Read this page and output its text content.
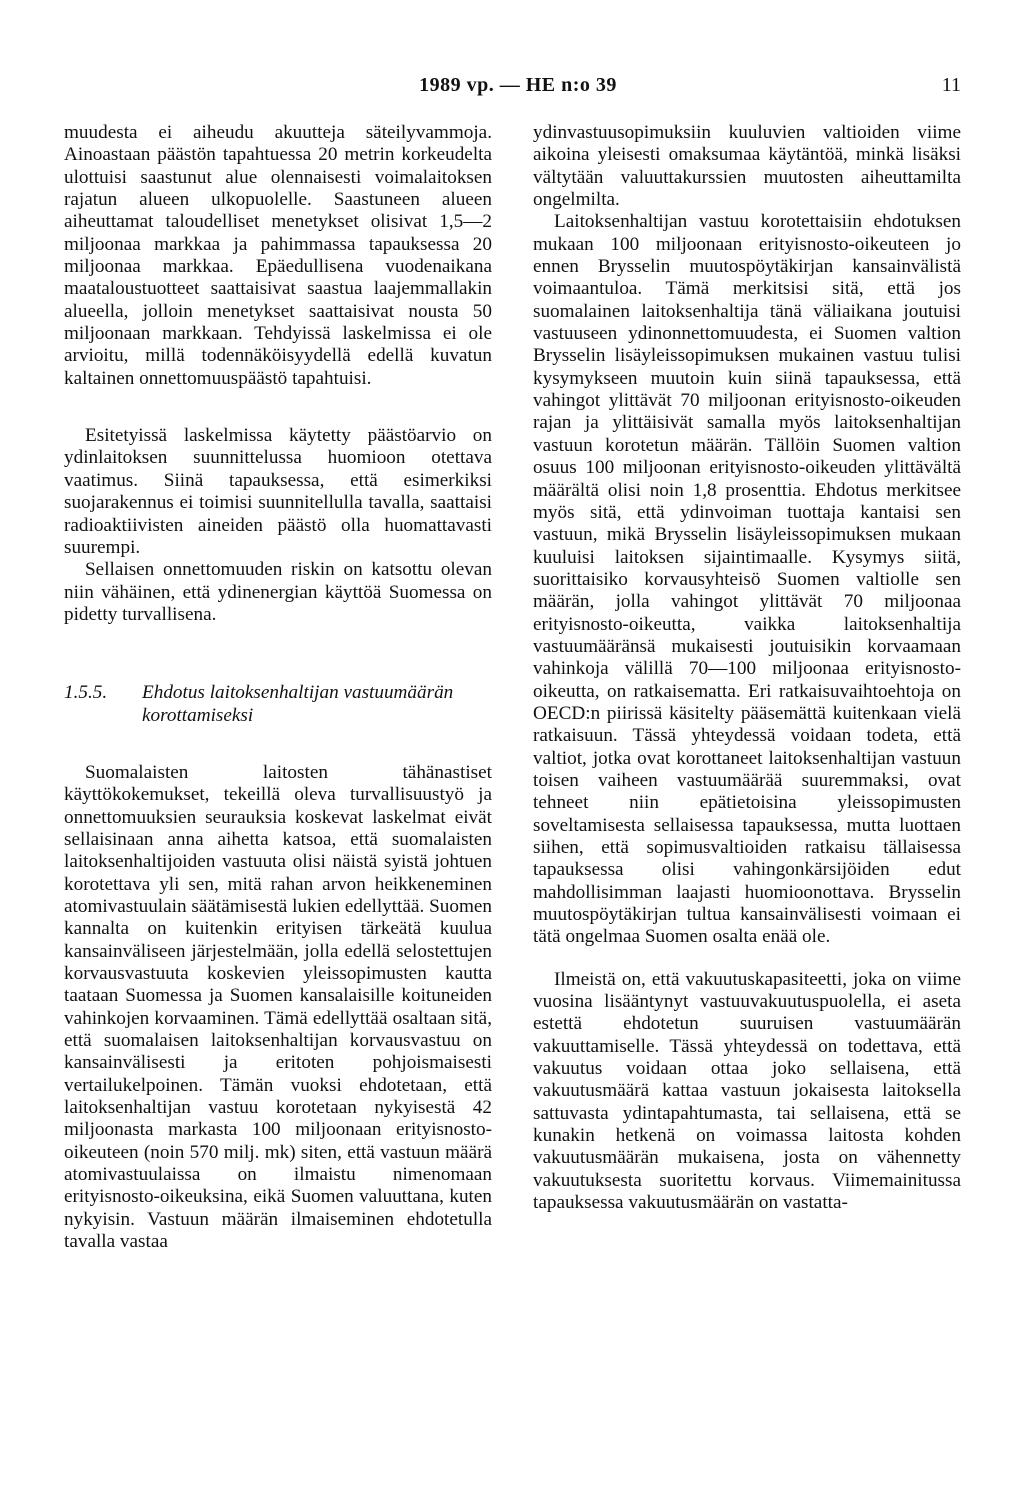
1989 vp. — HE n:o 39	11

muudesta ei aiheudu akuutteja säteilyvammoja. Ainoastaan päästön tapahtuessa 20 metrin korkeudelta ulottuisi saastunut alue olennaisesti voimalaitoksen rajatun alueen ulkopuolelle. Saastuneen alueen aiheuttamat taloudelliset menetykset olisivat 1,5—2 miljoonaa markkaa ja pahimmassa tapauksessa 20 miljoonaa markkaa. Epäedullisena vuodenaikana maataloustuotteet saattaisivat saastua laajemmallakin alueella, jolloin menetykset saattaisivat nousta 50 miljoonaan markkaan. Tehdyissä laskelmissa ei ole arvioitu, millä todennäköisyydellä edellä kuvatun kaltainen onnettomuuspäästö tapahtuisi.

Esitetyissä laskelmissa käytetty päästöarvio on ydinlaitoksen suunnittelussa huomioon otettava vaatimus. Siinä tapauksessa, että esimerkiksi suojarakennus ei toimisi suunnitellulla tavalla, saattaisi radioaktiivisten aineiden päästö olla huomattavasti suurempi.

Sellaisen onnettomuuden riskin on katsottu olevan niin vähäinen, että ydinenergian käyttöä Suomessa on pidetty turvallisena.

1.5.5. Ehdotus laitoksenhaltijan vastuumäärän korottamiseksi

Suomalaisten laitosten tähänastiset käyttökokemukset, tekeillä oleva turvallisuustyö ja onnettomuuksien seurauksia koskevat laskelmat eivät sellaisinaan anna aihetta katsoa, että suomalaisten laitoksenhaltijoiden vastuuta olisi näistä syistä johtuen korotettava yli sen, mitä rahan arvon heikkeneminen atomivastuulain säätämisestä lukien edellyttää. Suomen kannalta on kuitenkin erityisen tärkeätä kuulua kansainväliseen järjestelmään, jolla edellä selostettujen korvausvastuuta koskevien yleissopimusten kautta taataan Suomessa ja Suomen kansalaisille koituneiden vahinkojen korvaaminen. Tämä edellyttää osaltaan sitä, että suomalaisen laitoksenhaltijan korvausvastuu on kansainvälisesti ja eritoten pohjoismaisesti vertailukelpoinen. Tämän vuoksi ehdotetaan, että laitoksenhaltijan vastuu korotetaan nykyisestä 42 miljoonasta markasta 100 miljoonaan erityisnosto-oikeuteen (noin 570 milj. mk) siten, että vastuun määrä atomivastuulaissa on ilmaistu nimenomaan erityisnosto-oikeuksina, eikä Suomen valuuttana, kuten nykyisin. Vastuun määrän ilmaiseminen ehdotetulla tavalla vastaa

ydinvastuusopimuksiin kuuluvien valtioiden viime aikoina yleisesti omaksumaa käytäntöä, minkä lisäksi vältytään valuuttakurssien muutosten aiheuttamilta ongelmilta.

Laitoksenhaltijan vastuu korotettaisiin ehdotuksen mukaan 100 miljoonaan erityisnosto-oikeuteen jo ennen Brysselin muutospöytäkirjan kansainvälistä voimaantuloa. Tämä merkitsisi sitä, että jos suomalainen laitoksenhaltija tänä väliaikana joutuisi vastuuseen ydinonnettomuudesta, ei Suomen valtion Brysselin lisäyleissopimuksen mukainen vastuu tulisi kysymykseen muutoin kuin siinä tapauksessa, että vahingot ylittävät 70 miljoonan erityisnosto-oikeuden rajan ja ylittäisivät samalla myös laitoksenhaltijan vastuun korotetun määrän. Tällöin Suomen valtion osuus 100 miljoonan erityisnosto-oikeuden ylittävältä määrältä olisi noin 1,8 prosenttia. Ehdotus merkitsee myös sitä, että ydinvoiman tuottaja kantaisi sen vastuun, mikä Brysselin lisäyleissopimuksen mukaan kuuluisi laitoksen sijaintimaalle. Kysymys siitä, suorittaisiko korvausyhteisö Suomen valtiolle sen määrän, jolla vahingot ylittävät 70 miljoonaa erityisnosto-oikeutta, vaikka laitoksenhaltija vastuumääränsä mukaisesti joutuisikin korvaamaan vahinkoja välillä 70—100 miljoonaa erityisnosto-oikeutta, on ratkaisematta. Eri ratkaisuvaihtoehtoja on OECD:n piirissä käsitelty pääsemättä kuitenkaan vielä ratkaisuun. Tässä yhteydessä voidaan todeta, että valtiot, jotka ovat korottaneet laitoksenhaltijan vastuun toisen vaiheen vastuumäärää suuremmaksi, ovat tehneet niin epätietoisina yleissopimusten soveltamisesta sellaisessa tapauksessa, mutta luottaen siihen, että sopimusvaltioiden ratkaisu tällaisessa tapauksessa olisi vahingonkärsijöiden edut mahdollisimman laajasti huomioonottava. Brysselin muutospöytäkirjan tultua kansainvälisesti voimaan ei tätä ongelmaa Suomen osalta enää ole.

Ilmeistä on, että vakuutuskapasiteetti, joka on viime vuosina lisääntynyt vastuuvakuutuspuolella, ei aseta estettä ehdotetun suuruisen vastuumäärän vakuuttamiselle. Tässä yhteydessä on todettava, että vakuutus voidaan ottaa joko sellaisena, että vakuutusmäärä kattaa vastuun jokaisesta laitoksella sattuvasta ydintapahtumasta, tai sellaisena, että se kunakin hetkenä on voimassa laitosta kohden vakuutusmäärän mukaisena, josta on vähennetty vakuutuksesta suoritettu korvaus. Viimemainitussa tapauksessa vakuutusmäärän on vastatta-
